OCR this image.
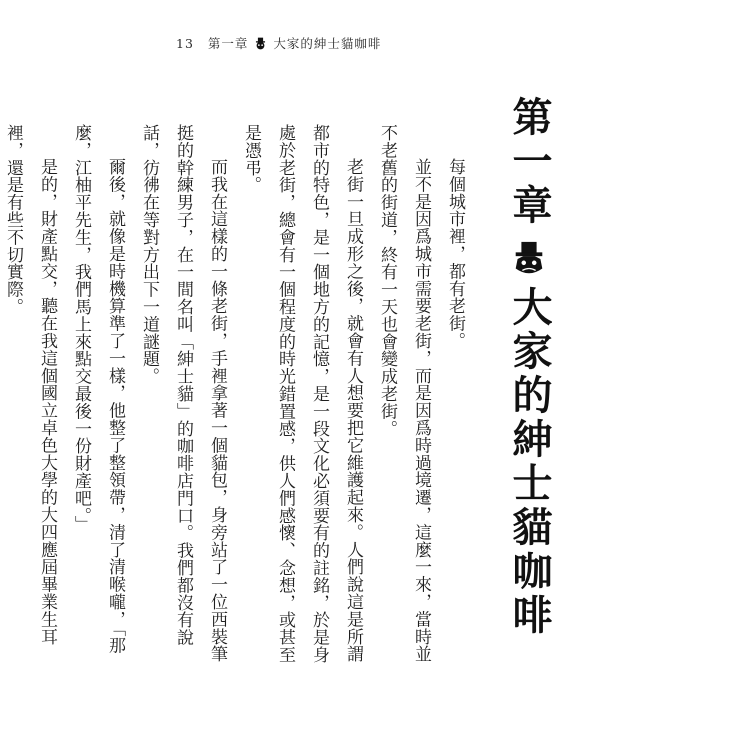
13 第一章 大家的紳士貓咖啡
第一章
大家的紳士貓咖啡

每個城市裡，都有老街。

並不是因爲城市需要老街，而是因爲時過境遷，這麼一來，當時並不老舊的街道，終有一天也會變成老街。

老街一旦成形之後，就會有人想要把它維護起來。人們說這是所謂都市的特色，是一個地方的記憶，是一段文化必須要有的註銘，於是身處於老街，總會有一個程度的時光錯置感，供人們感懷、念想，或甚至是憑弔。

而我在這樣的一條老街，手裡拿著一個貓包，身旁站了一位西裝筆挺的幹練男子，在一間名叫「紳士貓」的咖啡店門口。我們都沒有說話，彷彿在等對方出下一道謎題。

爾後，就像是時機算準了一樣，他整了整領帶，清了清喉嚨，「那麼，江柚平先生，我們馬上來點交最後一份財產吧。」

是的，財產點交，聽在我這個國立卓色大學的大四應屆畢業生耳裡，還是有些不切實際。
